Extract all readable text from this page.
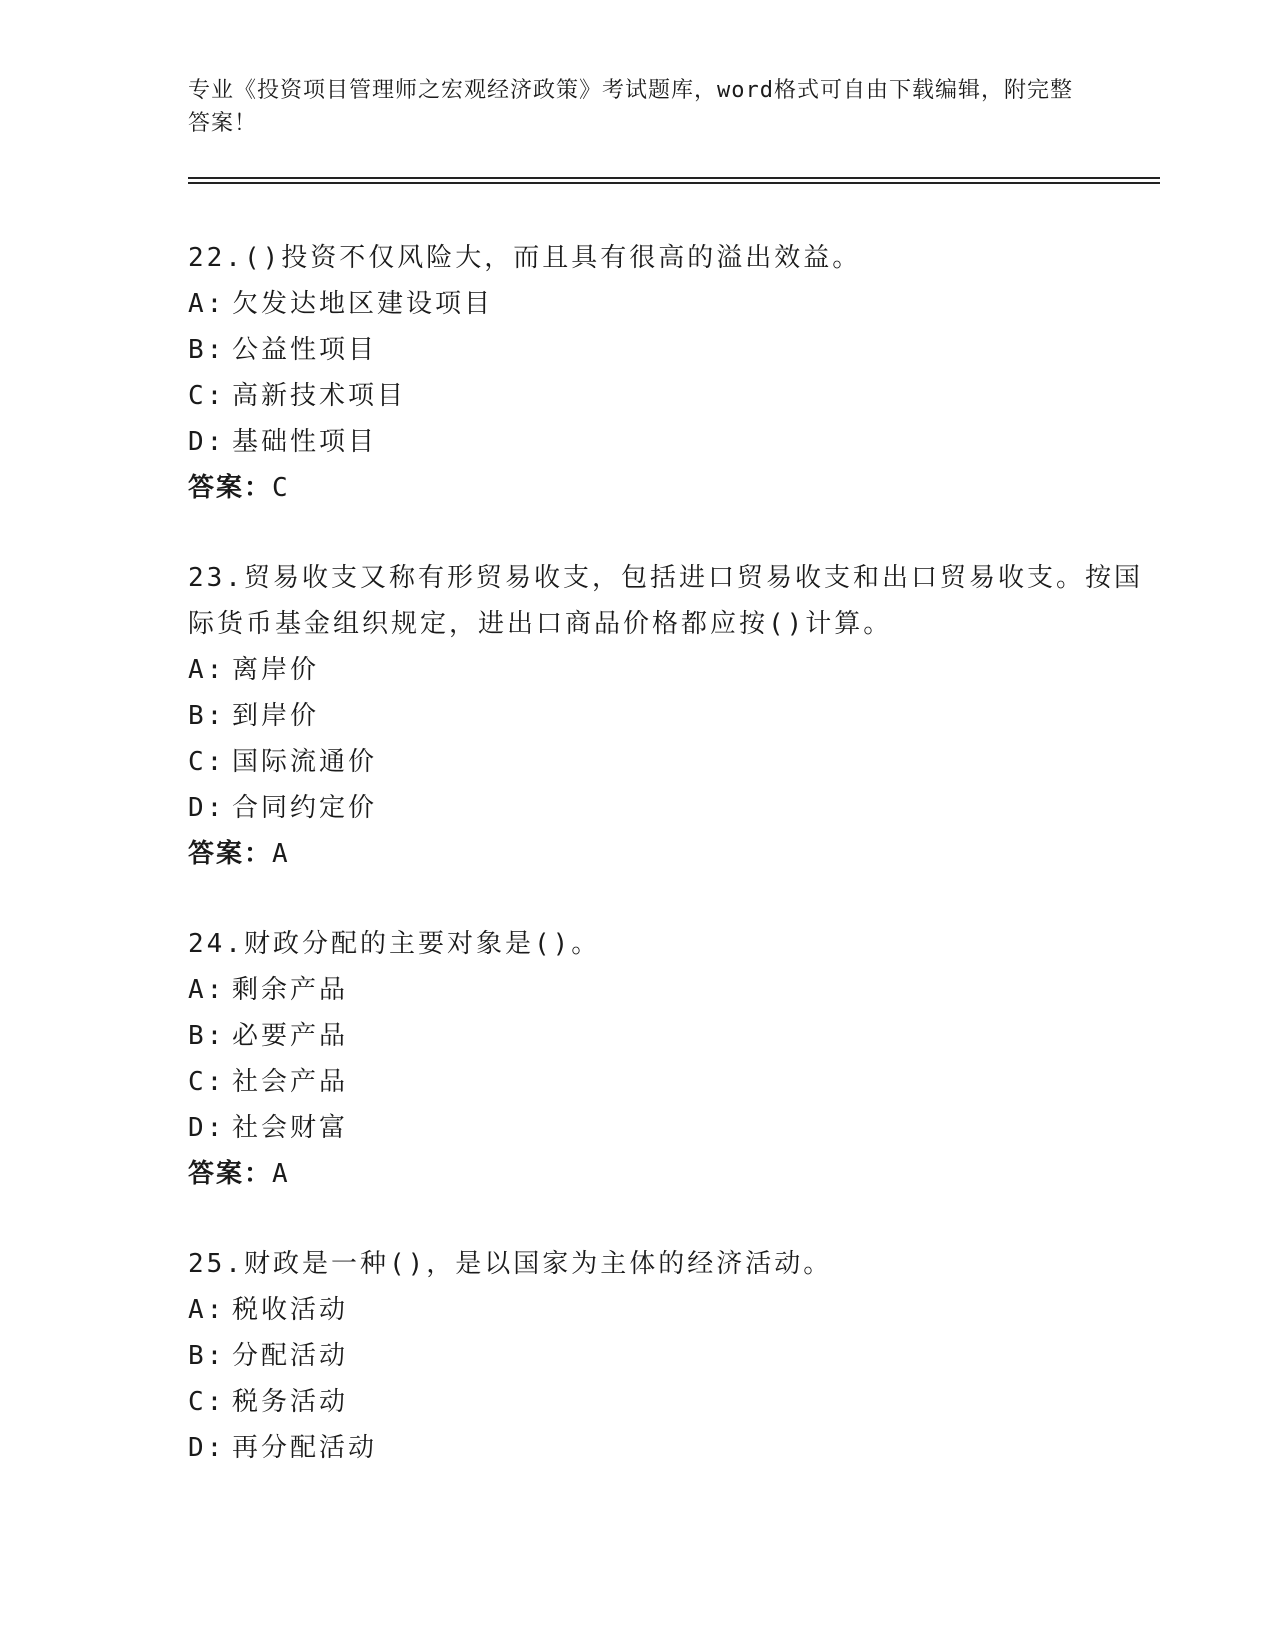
专业《投资项目管理师之宏观经济政策》考试题库，word格式可自由下载编辑，附完整答案！
22.()投资不仅风险大，而且具有很高的溢出效益。
A: 欠发达地区建设项目
B: 公益性项目
C: 高新技术项目
D: 基础性项目
答案：C
23.贸易收支又称有形贸易收支，包括进口贸易收支和出口贸易收支。按国际货币基金组织规定，进出口商品价格都应按()计算。
A: 离岸价
B: 到岸价
C: 国际流通价
D: 合同约定价
答案：A
24.财政分配的主要对象是()。
A: 剩余产品
B: 必要产品
C: 社会产品
D: 社会财富
答案：A
25.财政是一种()，是以国家为主体的经济活动。
A: 税收活动
B: 分配活动
C: 税务活动
D: 再分配活动
